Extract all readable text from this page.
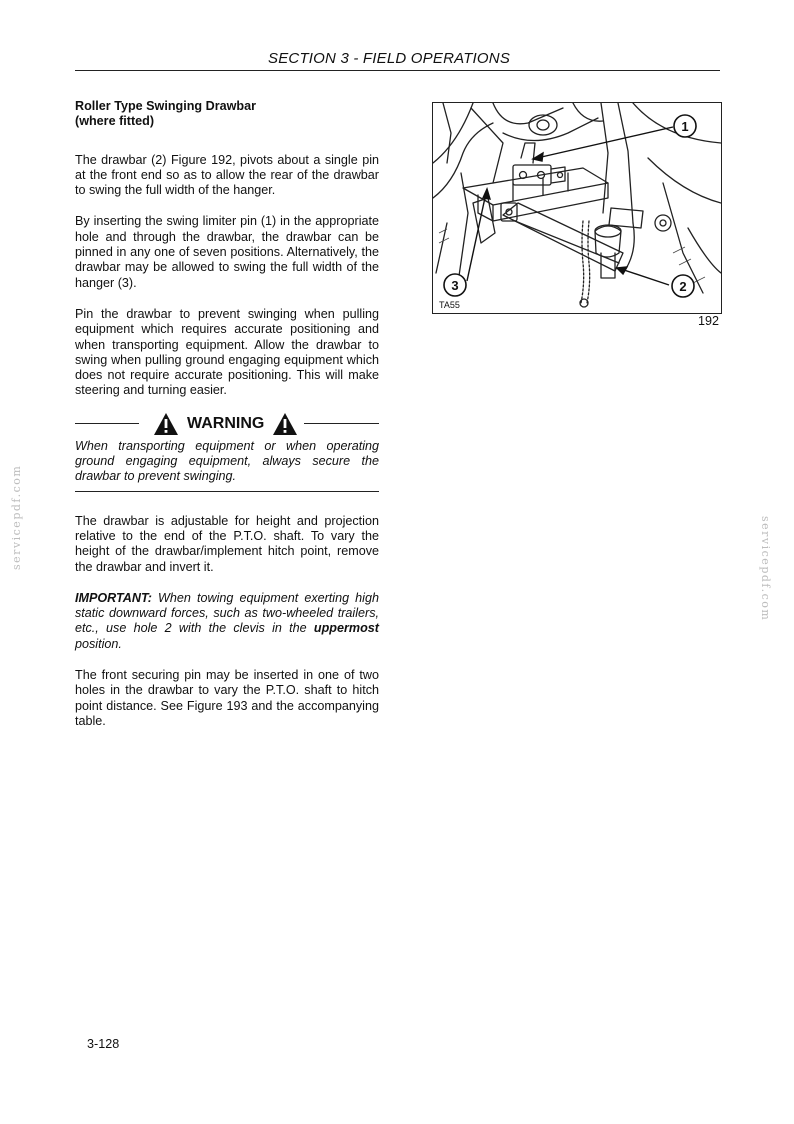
SECTION 3 - FIELD OPERATIONS

Roller Type Swinging Drawbar (where fitted)

The drawbar (2) Figure 192, pivots about a single pin at the front end so as to allow the rear of the drawbar to swing the full width of the hanger.

By inserting the swing limiter pin (1) in the appropriate hole and through the drawbar, the drawbar can be pinned in any one of seven positions. Alternatively, the drawbar may be allowed to swing the full width of the hanger (3).

Pin the drawbar to prevent swinging when pulling equipment which requires accurate positioning and when transporting equipment. Allow the drawbar to swing when pulling ground engaging equipment which does not require accurate positioning. This will make steering and turning easier.

WARNING

When transporting equipment or when operating ground engaging equipment, always secure the drawbar to prevent swinging.

The drawbar is adjustable for height and projection relative to the end of the P.T.O. shaft. To vary the height of the drawbar/implement hitch point, remove the drawbar and invert it.

IMPORTANT: When towing equipment exerting high static downward forces, such as two-wheeled trailers, etc., use hole 2 with the clevis in the uppermost position.

The front securing pin may be inserted in one of two holes in the drawbar to vary the P.T.O. shaft to hitch point distance. See Figure 193 and the accompanying table.

1
2
3
TA55
192
servicepdf.com	servicepdf.com
3-128
